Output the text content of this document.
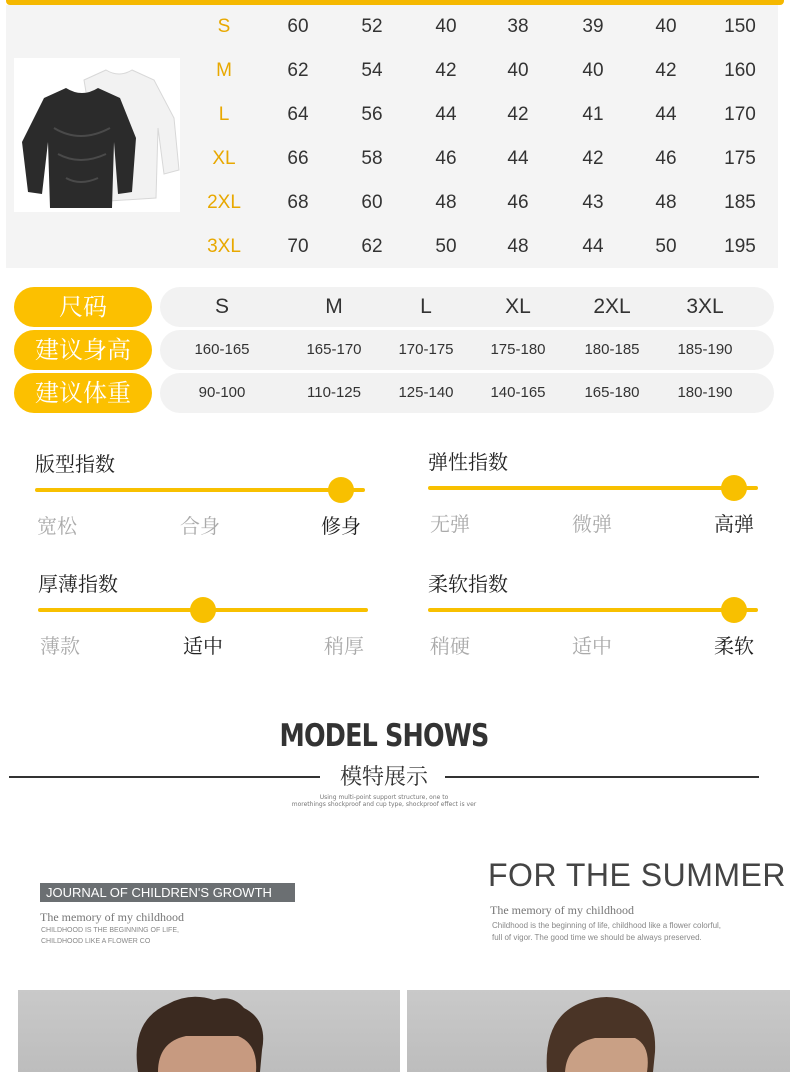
S	60	52	40	38	39	40	150
M	62	54	42	40	40	42	160
L	64	56	44	42	41	44	170
XL	66	58	46	44	42	46	175
2XL	68	60	48	46	43	48	185
3XL	70	62	50	48	44	50	195
尺码	S	M	L	XL	2XL	3XL
建议身高	160-165	165-170	170-175	175-180	180-185	185-190
建议体重	90-100	110-125	125-140	140-165	165-180	180-190
版型指数
宽松	合身	修身
弹性指数
无弹	微弹	高弹
厚薄指数
薄款	适中	稍厚
柔软指数
稍硬	适中	柔软
MODEL SHOWS
模特展示
Using multi-point support structure, one to
morethings shockproof and cup type, shockproof effect is ver
JOURNAL OF CHILDREN'S GROWTH
The memory of my childhood
CHILDHOOD IS THE BEGINNING OF LIFE,
CHILDHOOD LIKE A FLOWER CO
FOR THE SUMMER
The memory of my childhood
Childhood is the beginning of life, childhood like a flower colorful,
full of vigor. The good time we should be always preserved.
